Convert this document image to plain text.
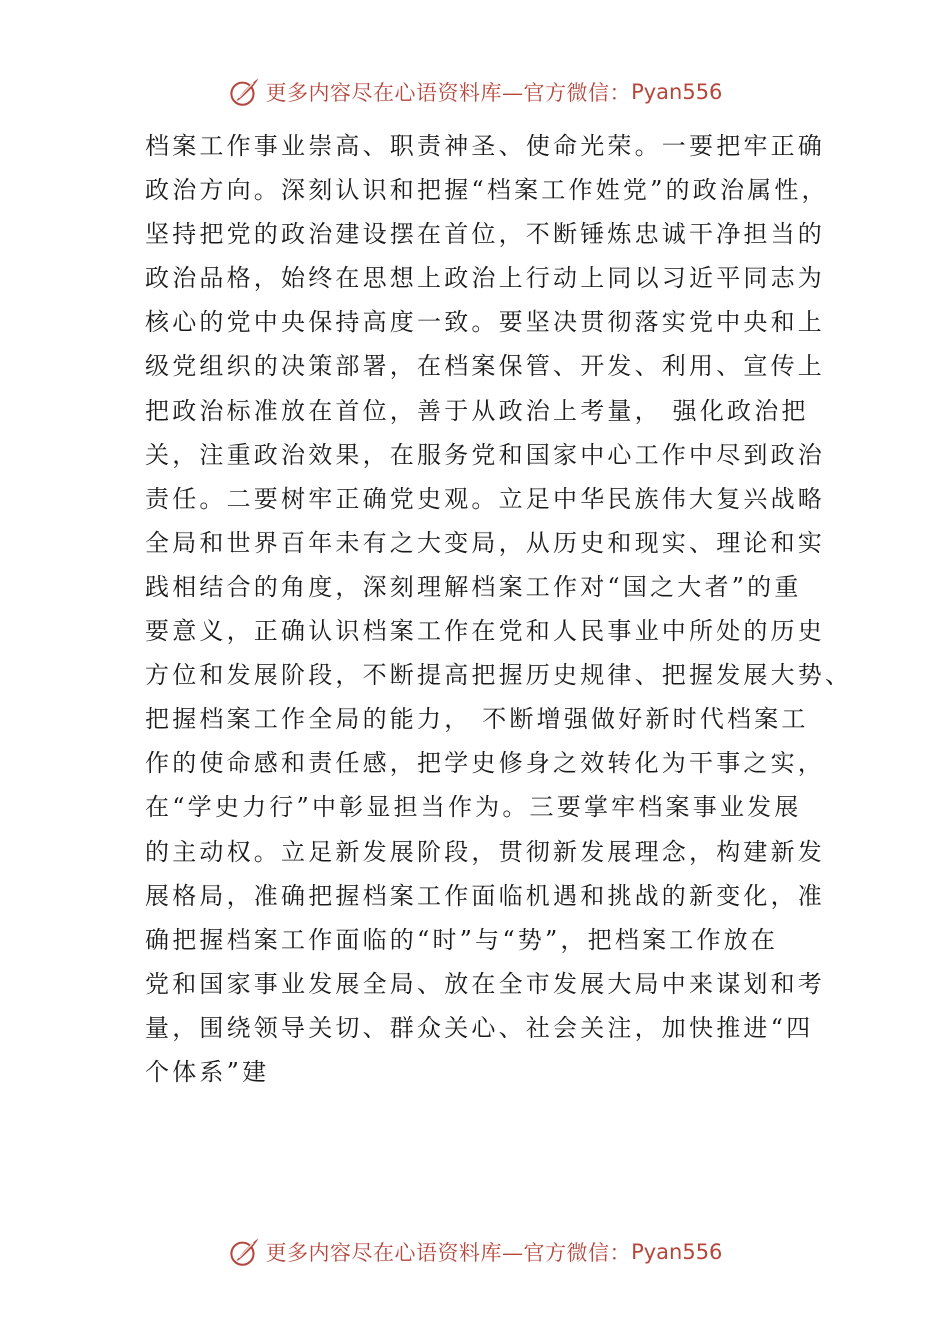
更多内容尽在心语资料库—官方微信： Pyan556
档案工作事业崇高、职责神圣、使命光荣。一要把牢正确
政治方向。深刻认识和把握“档案工作姓党”的政治属性，
坚持把党的政治建设摆在首位，不断锤炼忠诚干净担当的
政治品格，始终在思想上政治上行动上同以习近平同志为
核心的党中央保持高度一致。要坚决贯彻落实党中央和上
级党组织的决策部署，在档案保管、开发、利用、宣传上
把政治标准放在首位，善于从政治上考量， 强化政治把
关，注重政治效果，在服务党和国家中心工作中尽到政治
责任。二要树牢正确党史观。立足中华民族伟大复兴战略
全局和世界百年未有之大变局，从历史和现实、理论和实
践相结合的角度，深刻理解档案工作对“国之大者”的重
要意义，正确认识档案工作在党和人民事业中所处的历史
方位和发展阶段，不断提高把握历史规律、把握发展大势、
把握档案工作全局的能力， 不断增强做好新时代档案工
作的使命感和责任感，把学史修身之效转化为干事之实，
在“学史力行”中彰显担当作为。三要掌牢档案事业发展
的主动权。立足新发展阶段，贯彻新发展理念，构建新发
展格局，准确把握档案工作面临机遇和挑战的新变化，准
确把握档案工作面临的“时”与“势”，把档案工作放在
党和国家事业发展全局、放在全市发展大局中来谋划和考
量，围绕领导关切、群众关心、社会关注，加快推进“四
个体系”建
更多内容尽在心语资料库—官方微信： Pyan556
